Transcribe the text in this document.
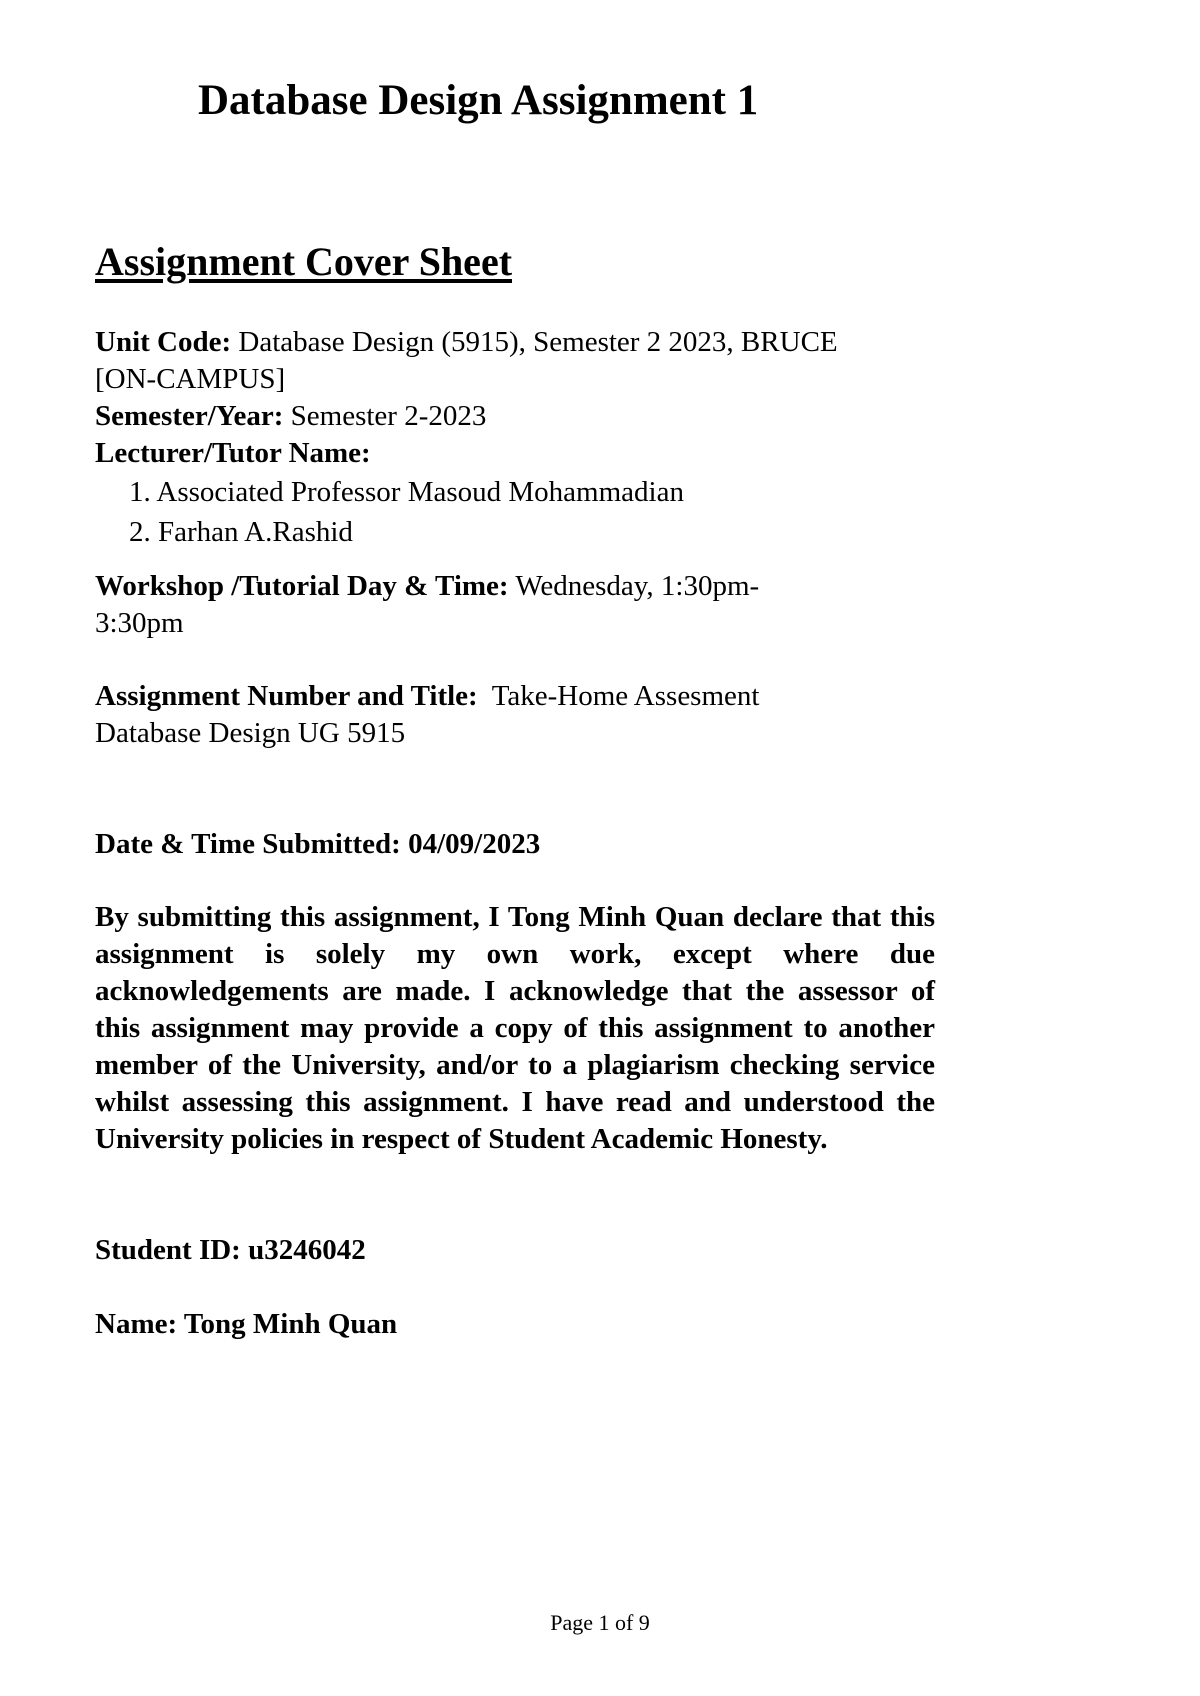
Database Design Assignment 1
Assignment Cover Sheet

Unit Code: Database Design (5915), Semester 2 2023, BRUCE
[ON-CAMPUS]

Semester/Year: Semester 2-2023

Lecturer/Tutor Name:

1. Associated Professor Masoud Mohammadian
2. Farhan A.Rashid

Workshop /Tutorial Day & Time: Wednesday, 1:30pm-
3:30pm

Assignment Number and Title: Take-Home Assesment
Database Design UG 5915

Date & Time Submitted: 04/09/2023

By submitting this assignment, I Tong Minh Quan declare that this assignment is solely my own work, except where due acknowledgements are made. I acknowledge that the assessor of this assignment may provide a copy of this assignment to another member of the University, and/or to a plagiarism checking service whilst assessing this assignment. I have read and understood the University policies in respect of Student Academic Honesty.

Student ID: u3246042

Name: Tong Minh Quan

Page 1 of 9
